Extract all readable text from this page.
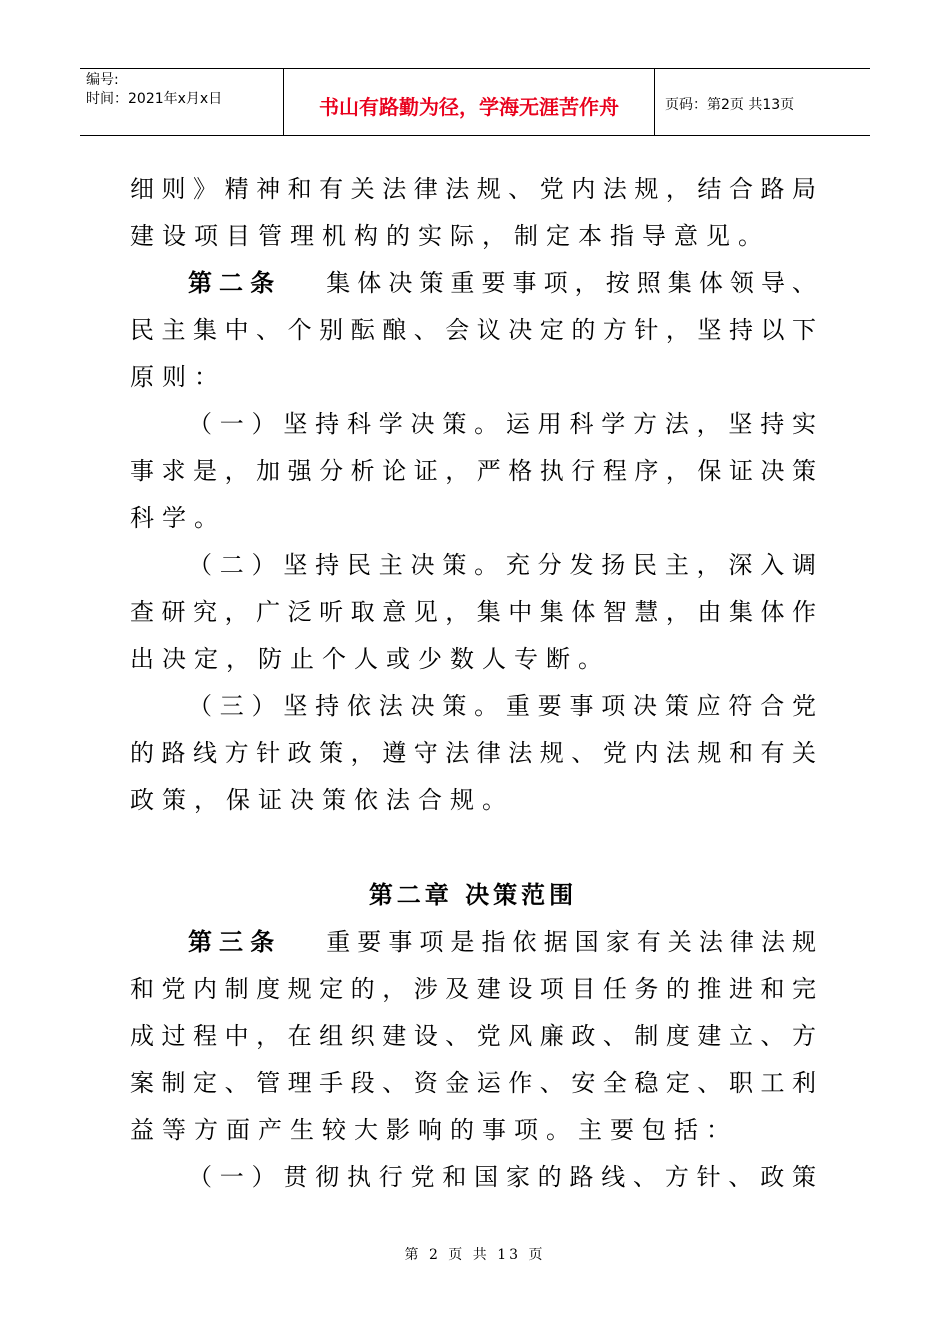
编号:
时间：2021年x月x日	书山有路勤为径，学海无涯苦作舟	页码：第2页 共13页
细则》精神和有关法律法规、党内法规，结合路局
建设项目管理机构的实际，制定本指导意见。
第二条 集体决策重要事项，按照集体领导、
民主集中、个别酝酿、会议决定的方针，坚持以下
原则：
（一）坚持科学决策。运用科学方法，坚持实
事求是，加强分析论证，严格执行程序，保证决策
科学。
（二）坚持民主决策。充分发扬民主，深入调
查研究，广泛听取意见，集中集体智慧，由集体作
出决定，防止个人或少数人专断。
（三）坚持依法决策。重要事项决策应符合党
的路线方针政策，遵守法律法规、党内法规和有关
政策，保证决策依法合规。
第二章 决策范围
第三条 重要事项是指依据国家有关法律法规
和党内制度规定的，涉及建设项目任务的推进和完
成过程中，在组织建设、党风廉政、制度建立、方
案制定、管理手段、资金运作、安全稳定、职工利
益等方面产生较大影响的事项。主要包括：
（一）贯彻执行党和国家的路线、方针、政策
第 2 页 共 13 页
